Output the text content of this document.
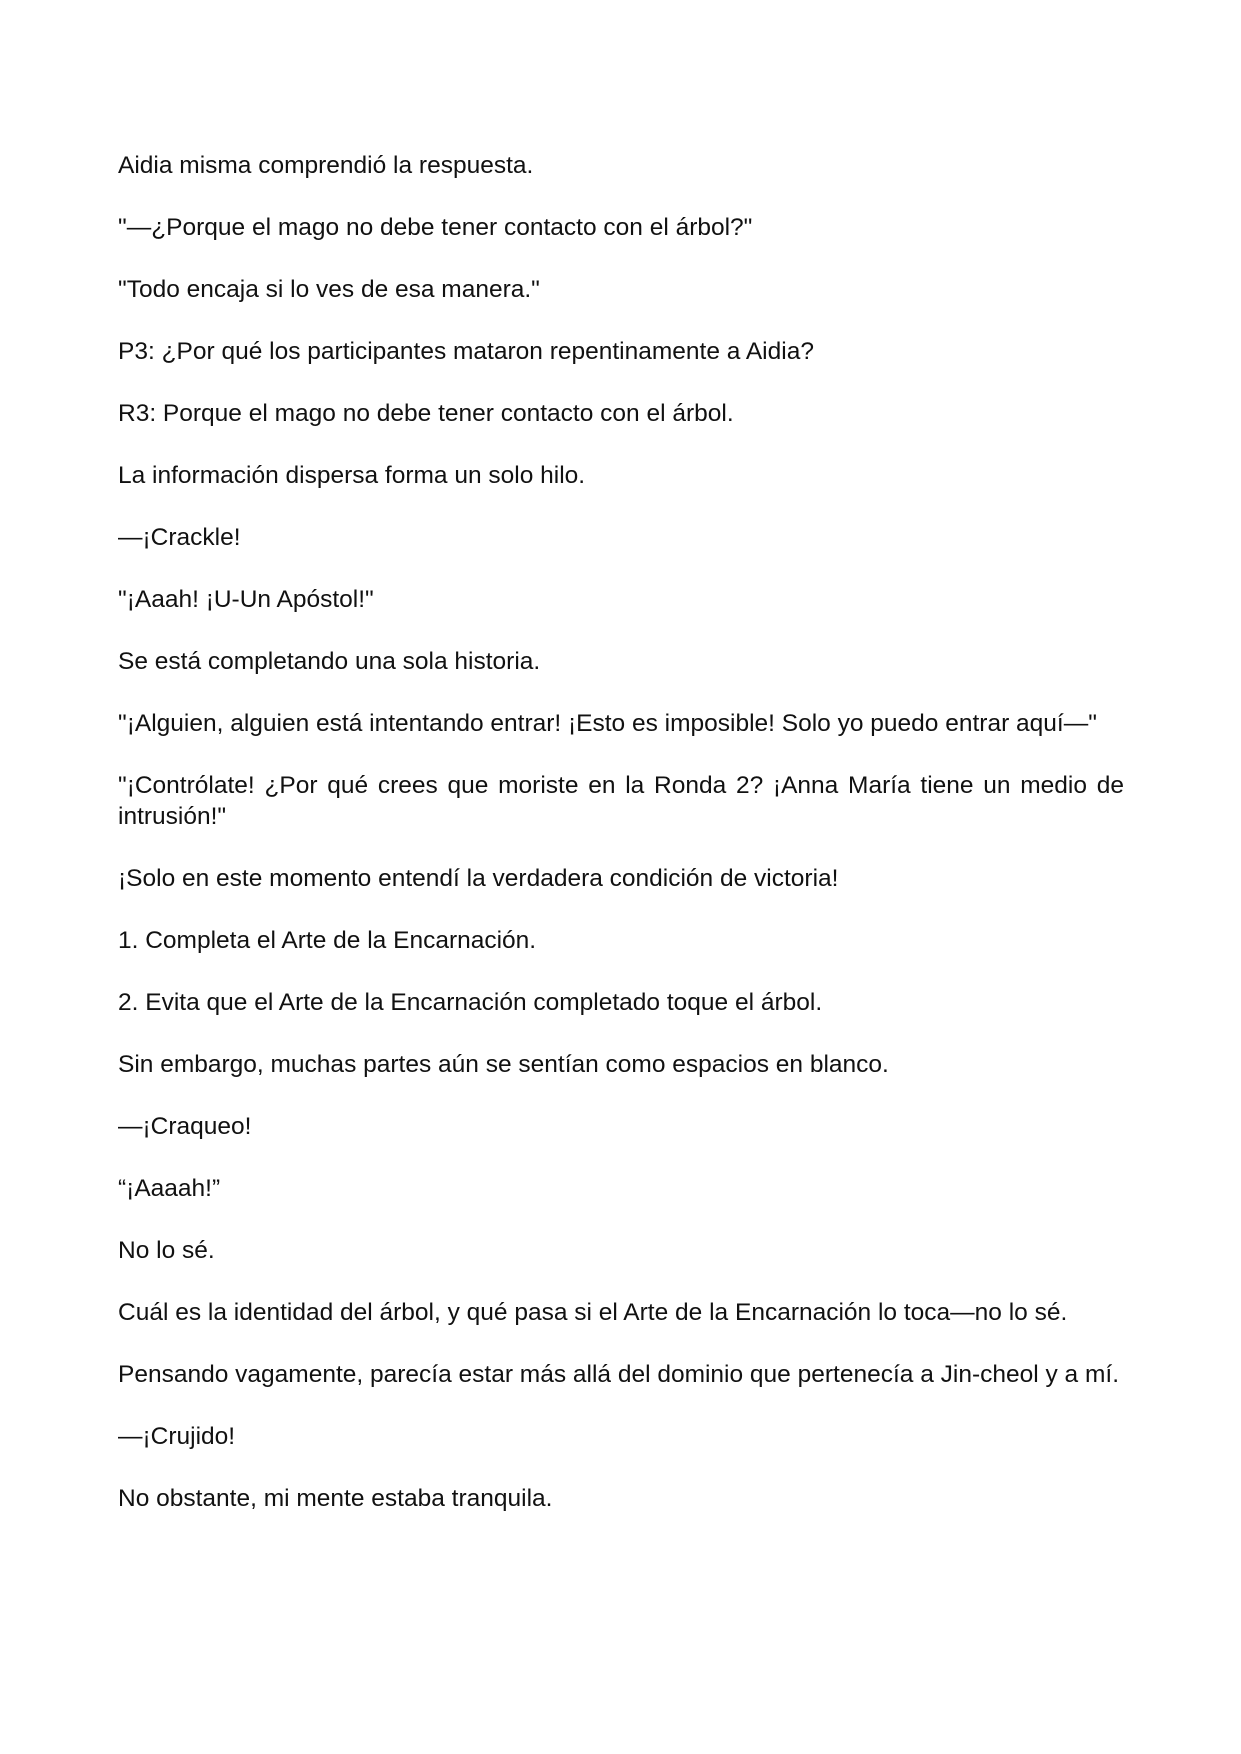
Aidia misma comprendió la respuesta.

"—¿Porque el mago no debe tener contacto con el árbol?"

"Todo encaja si lo ves de esa manera."

P3: ¿Por qué los participantes mataron repentinamente a Aidia?

R3: Porque el mago no debe tener contacto con el árbol.

La información dispersa forma un solo hilo.

—¡Crackle!

"¡Aaah! ¡U-Un Apóstol!"

Se está completando una sola historia.

"¡Alguien, alguien está intentando entrar! ¡Esto es imposible! Solo yo puedo entrar aquí—"

"¡Contrólate! ¿Por qué crees que moriste en la Ronda 2? ¡Anna María tiene un medio de intrusión!"

¡Solo en este momento entendí la verdadera condición de victoria!

1. Completa el Arte de la Encarnación.

2. Evita que el Arte de la Encarnación completado toque el árbol.

Sin embargo, muchas partes aún se sentían como espacios en blanco.

—¡Craqueo!

“¡Aaaah!”

No lo sé.

Cuál es la identidad del árbol, y qué pasa si el Arte de la Encarnación lo toca—no lo sé.

Pensando vagamente, parecía estar más allá del dominio que pertenecía a Jin-cheol y a mí.

—¡Crujido!

No obstante, mi mente estaba tranquila.
